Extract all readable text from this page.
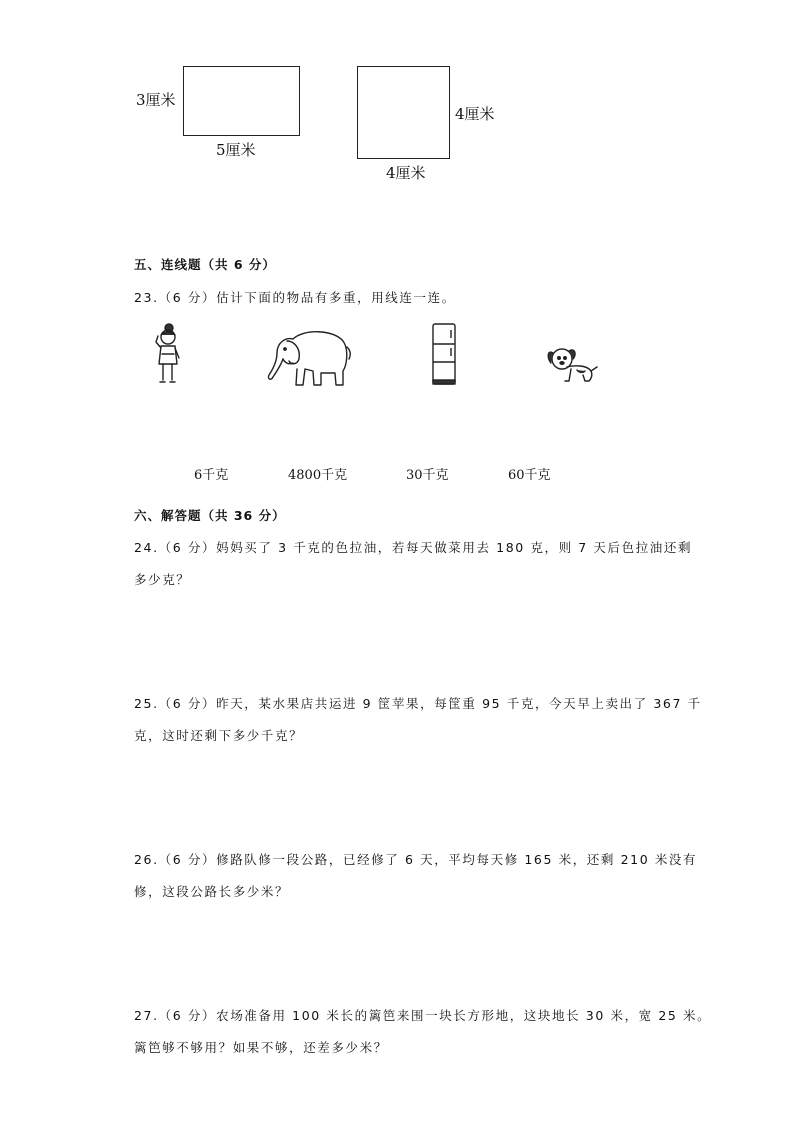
3厘米
5厘米
4厘米
4厘米
五、连线题（共 6 分）
23.（6 分）估计下面的物品有多重，用线连一连。
6千克	4800千克	30千克	60千克
六、解答题（共 36 分）
24.（6 分）妈妈买了 3 千克的色拉油，若每天做菜用去 180 克，则 7 天后色拉油还剩
多少克？
25.（6 分）昨天，某水果店共运进 9 筐苹果，每筐重 95 千克，今天早上卖出了 367 千
克，这时还剩下多少千克？
26.（6 分）修路队修一段公路，已经修了 6 天，平均每天修 165 米，还剩 210 米没有
修，这段公路长多少米？
27.（6 分）农场准备用 100 米长的篱笆来围一块长方形地，这块地长 30 米，宽 25 米。
篱笆够不够用？如果不够，还差多少米？
